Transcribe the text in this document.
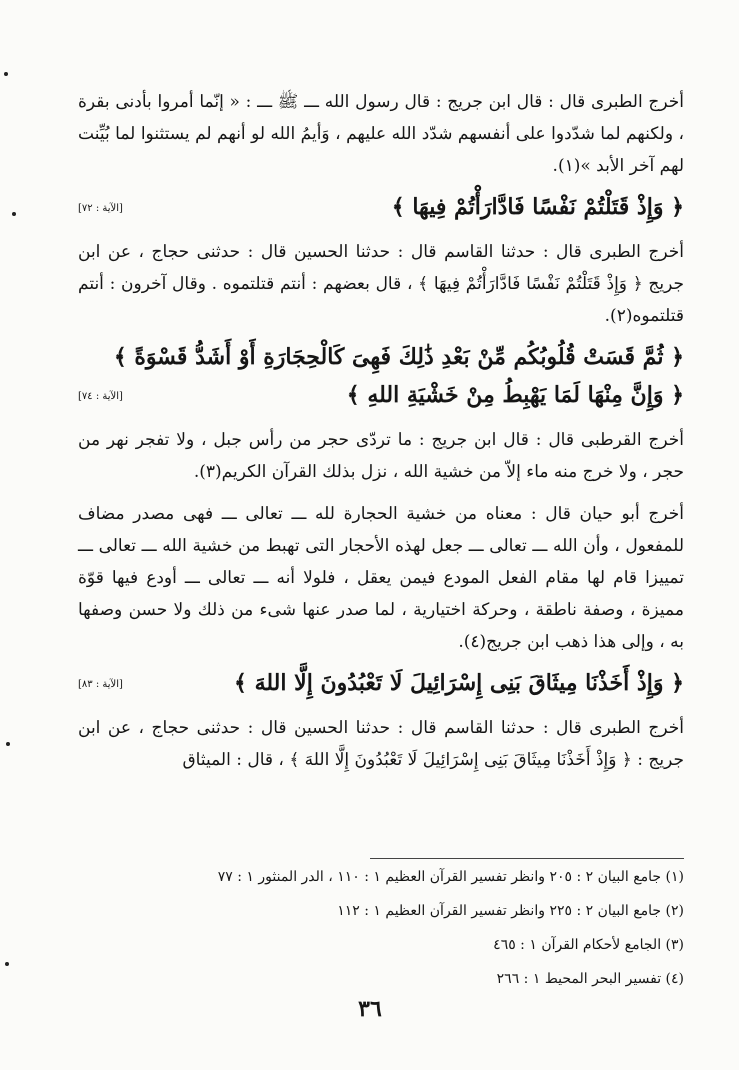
أخرج الطبرى قال : قال ابن جريج : قال رسول الله ـــ ﷺ ـــ : « إنّما أمروا بأدنى بقرة ، ولكنهم لما شدّدوا على أنفسهم شدّد الله عليهم ، وَأيمُ الله لو أنهم لم يستثنوا لما بُيِّنت لهم آخر الأبد »(١).

﴿ وَإِذْ قَتَلْتُمْ نَفْسًا فَادَّارَأْتُمْ فِيهَا ﴾
[الآية : ٧٢]

أخرج الطبرى قال : حدثنا القاسم قال : حدثنا الحسين قال : حدثنى حجاج ، عن ابن جريج ﴿ وَإِذْ قَتَلْتُمْ نَفْسًا فَادَّارَأْتُمْ فِيهَا ﴾ ، قال بعضهم : أنتم قتلتموه . وقال آخرون : أنتم قتلتموه(٢).

﴿ ثُمَّ قَسَتْ قُلُوبُكُم مِّنْ بَعْدِ ذَٰلِكَ فَهِىَ كَالْحِجَارَةِ أَوْ أَشَدُّ قَسْوَةً ﴾
﴿ وَإِنَّ مِنْهَا لَمَا يَهْبِطُ مِنْ خَشْيَةِ اللهِ ﴾
[الآية : ٧٤]

أخرج القرطبى قال : قال ابن جريج : ما تردّى حجر من رأس جبل ، ولا تفجر نهر من حجر ، ولا خرج منه ماء إلاّ من خشية الله ، نزل بذلك القرآن الكريم(٣).

أخرج أبو حيان قال : معناه من خشية الحجارة لله ـــ تعالى ـــ فهى مصدر مضاف للمفعول ، وأن الله ـــ تعالى ـــ جعل لهذه الأحجار التى تهبط من خشية الله ـــ تعالى ـــ تمييزا قام لها مقام الفعل المودع فيمن يعقل ، فلولا أنه ـــ تعالى ـــ أودع فيها قوّة مميزة ، وصفة ناطقة ، وحركة اختيارية ، لما صدر عنها شىء من ذلك ولا حسن وصفها به ، وإلى هذا ذهب ابن جريج(٤).

﴿ وَإِذْ أَخَذْنَا مِيثَاقَ بَنِى إِسْرَائِيلَ لَا تَعْبُدُونَ إِلَّا اللهَ ﴾
[الآية : ٨٣]

أخرج الطبرى قال : حدثنا القاسم قال : حدثنا الحسين قال : حدثنى حجاج ، عن ابن جريج : ﴿ وَإِذْ أَخَذْنَا مِيثَاقَ بَنِى إِسْرَائِيلَ لَا تَعْبُدُونَ إِلَّا اللهَ ﴾ ، قال : الميثاق

(١) جامع البيان ٢ : ٢٠٥ وانظر تفسير القرآن العظيم ١ : ١١٠ ، الدر المنثور ١ : ٧٧

(٢) جامع البيان ٢ : ٢٢٥ وانظر تفسير القرآن العظيم ١ : ١١٢

(٣) الجامع لأحكام القرآن ١ : ٤٦٥

(٤) تفسير البحر المحيط ١ : ٢٦٦

٣٦
